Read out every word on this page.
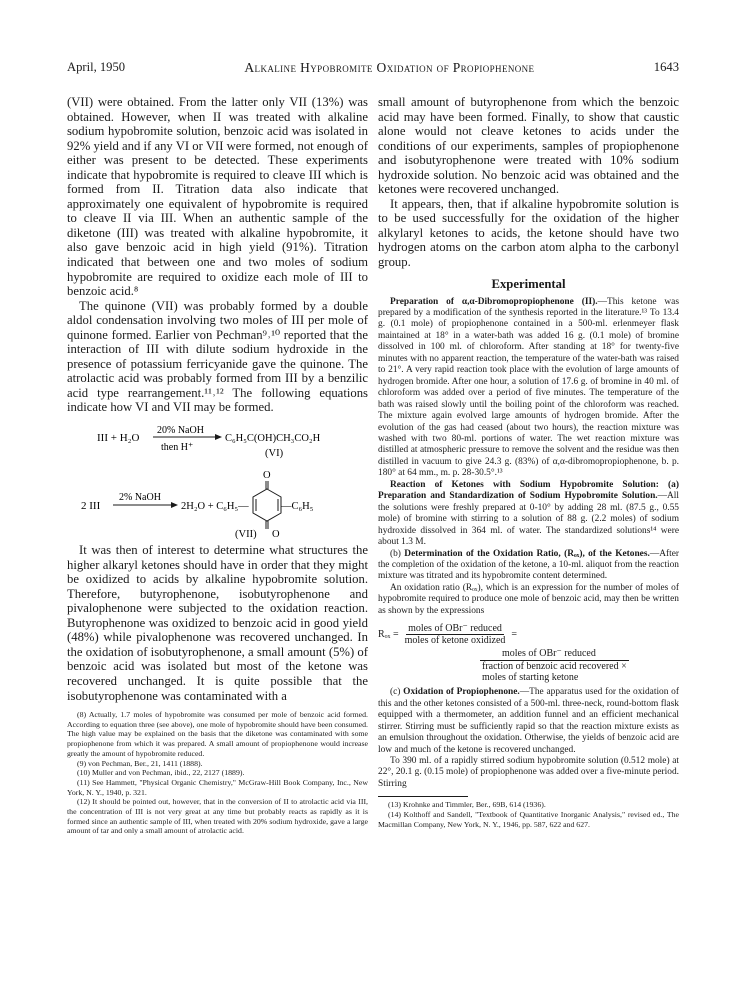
April, 1950	Alkaline Hypobromite Oxidation of Propiophenone	1643

(VII) were obtained. From the latter only VII (13%) was obtained. However, when II was treated with alkaline sodium hypobromite solution, benzoic acid was isolated in 92% yield and if any VI or VII were formed, not enough of either was present to be detected. These experiments indicate that hypobromite is required to cleave III which is formed from II. Titration data also indicate that approximately one equivalent of hypobromite is required to cleave II via III. When an authentic sample of the diketone (III) was treated with alkaline hypobromite, it also gave benzoic acid in high yield (91%). Titration indicated that between one and two moles of sodium hypobromite are required to oxidize each mole of III to benzoic acid.⁸

The quinone (VII) was probably formed by a double aldol condensation involving two moles of III per mole of quinone formed. Earlier von Pechman⁹˒¹⁰ reported that the interaction of III with dilute sodium hydroxide in the presence of potassium ferricyanide gave the quinone. The atrolactic acid was probably formed from III by a benzilic acid type rearrangement.¹¹˒¹² The following equations indicate how VI and VII may be formed.

III + H₂O
20% NaOH
then H⁺
C₆H₅C(OH)CH₃CO₂H
(VI)
O
2 III
2% NaOH
2H₂O + C₆H₅—	—C₆H₅
(VII) O

It was then of interest to determine what structures the higher alkaryl ketones should have in order that they might be oxidized to acids by alkaline hypobromite solution. Therefore, butyrophenone, isobutyrophenone and pivalophenone were subjected to the oxidation reaction. Butyrophenone was oxidized to benzoic acid in good yield (48%) while pivalophenone was recovered unchanged. In the oxidation of isobutyrophenone, a small amount (5%) of benzoic acid was isolated but most of the ketone was recovered unchanged. It is quite possible that the isobutyrophenone was contaminated with a

(8) Actually, 1.7 moles of hypobromite was consumed per mole of benzoic acid formed. According to equation three (see above), one mole of hypobromite should have been consumed. The high value may be explained on the basis that the diketone was contaminated with some propiophenone from which it was prepared. A small amount of propiophenone would increase greatly the amount of hypobromite reduced.

(9) von Pechman, Ber., 21, 1411 (1888).

(10) Muller and von Pechman, ibid., 22, 2127 (1889).

(11) See Hammett, "Physical Organic Chemistry," McGraw-Hill Book Company, Inc., New York, N. Y., 1940, p. 321.

(12) It should be pointed out, however, that in the conversion of II to atrolactic acid via III, the concentration of III is not very great at any time but probably reacts as rapidly as it is formed since an authentic sample of III, when treated with 20% sodium hydroxide, gave a large amount of tar and only a small amount of atrolactic acid.

small amount of butyrophenone from which the benzoic acid may have been formed. Finally, to show that caustic alone would not cleave ketones to acids under the conditions of our experiments, samples of propiophenone and isobutyrophenone were treated with 10% sodium hydroxide solution. No benzoic acid was obtained and the ketones were recovered unchanged.

It appears, then, that if alkaline hypobromite solution is to be used successfully for the oxidation of the higher alkylaryl ketones to acids, the ketone should have two hydrogen atoms on the carbon atom alpha to the carbonyl group.

Experimental

Preparation of α,α-Dibromopropiophenone (II).—This ketone was prepared by a modification of the synthesis reported in the literature.¹³ To 13.4 g. (0.1 mole) of propiophenone contained in a 500-ml. erlenmeyer flask maintained at 18° in a water-bath was added 16 g. (0.1 mole) of bromine dissolved in 100 ml. of chloroform. After standing at 18° for twenty-five minutes with no apparent reaction, the temperature of the water-bath was raised to 21°. A very rapid reaction took place with the evolution of large amounts of hydrogen bromide. After one hour, a solution of 17.6 g. of bromine in 40 ml. of chloroform was added over a period of five minutes. The temperature of the bath was raised slowly until the boiling point of the chloroform was reached. The mixture again evolved large amounts of hydrogen bromide. After the evolution of the gas had ceased (about two hours), the reaction mixture was washed with two 80-ml. portions of water. The wet reaction mixture was distilled at atmospheric pressure to remove the solvent and the residue was then distilled in vacuum to give 24.3 g. (83%) of α,α-dibromopropiophenone, b. p. 180° at 64 mm., m. p. 28-30.5°.¹³

Reaction of Ketones with Sodium Hypobromite Solution: (a) Preparation and Standardization of Sodium Hypobromite Solution.—All the solutions were freshly prepared at 0-10° by adding 28 ml. (87.5 g., 0.55 mole) of bromine with stirring to a solution of 88 g. (2.2 moles) of sodium hydroxide dissolved in 364 ml. of water. The standardized solutions¹⁴ were about 1.3 M.

(b) Determination of the Oxidation Ratio, (Rₒₓ), of the Ketones.—After the completion of the oxidation of the ketone, a 10-ml. aliquot from the reaction mixture was titrated and its hypobromite content determined.

An oxidation ratio (Rₒₓ), which is an expression for the number of moles of hypobromite required to produce one mole of benzoic acid, may then be written as shown by the expressions

$R_{ox} = \frac{\text{moles of OBr⁻ reduced}}{\text{moles of ketone oxidized}}$ =
moles of OBr⁻ reduced
fraction of benzoic acid recovered ×
moles of starting ketone

(c) Oxidation of Propiophenone.—The apparatus used for the oxidation of this and the other ketones consisted of a 500-ml. three-neck, round-bottom flask equipped with a thermometer, an addition funnel and an efficient mechanical stirrer. Stirring must be sufficiently rapid so that the reaction mixture exists as an emulsion throughout the oxidation. Otherwise, the yields of benzoic acid are low and much of the ketone is recovered unchanged.

To 390 ml. of a rapidly stirred sodium hypobromite solution (0.512 mole) at 22°, 20.1 g. (0.15 mole) of propiophenone was added over a five-minute period. Stirring

(13) Krohnke and Timmler, Ber., 69B, 614 (1936).

(14) Kolthoff and Sandell, "Textbook of Quantitative Inorganic Analysis," revised ed., The Macmillan Company, New York, N. Y., 1946, pp. 587, 622 and 627.
